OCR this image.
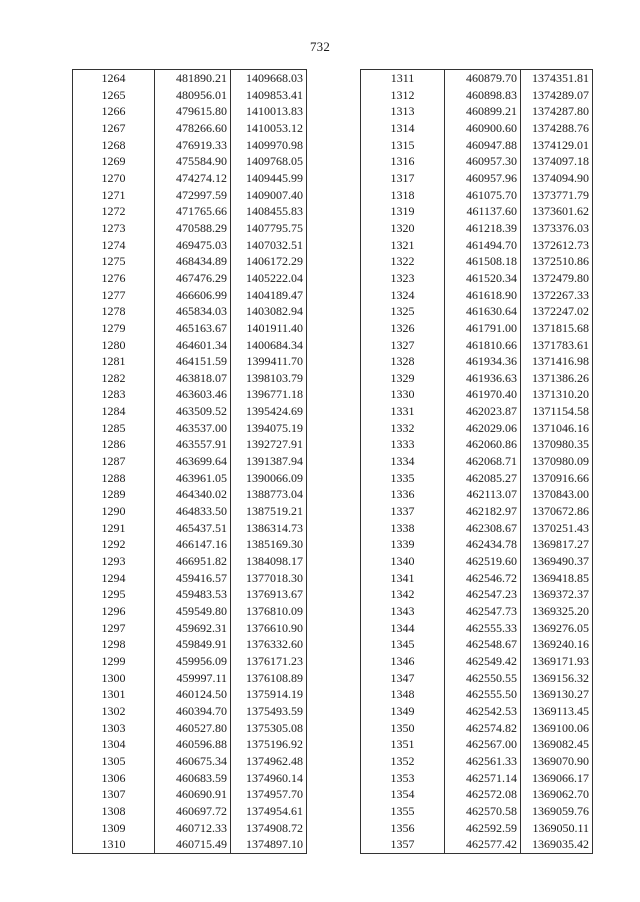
732
1264	481890.21	1409668.03
1265	480956.01	1409853.41
1266	479615.80	1410013.83
1267	478266.60	1410053.12
1268	476919.33	1409970.98
1269	475584.90	1409768.05
1270	474274.12	1409445.99
1271	472997.59	1409007.40
1272	471765.66	1408455.83
1273	470588.29	1407795.75
1274	469475.03	1407032.51
1275	468434.89	1406172.29
1276	467476.29	1405222.04
1277	466606.99	1404189.47
1278	465834.03	1403082.94
1279	465163.67	1401911.40
1280	464601.34	1400684.34
1281	464151.59	1399411.70
1282	463818.07	1398103.79
1283	463603.46	1396771.18
1284	463509.52	1395424.69
1285	463537.00	1394075.19
1286	463557.91	1392727.91
1287	463699.64	1391387.94
1288	463961.05	1390066.09
1289	464340.02	1388773.04
1290	464833.50	1387519.21
1291	465437.51	1386314.73
1292	466147.16	1385169.30
1293	466951.82	1384098.17
1294	459416.57	1377018.30
1295	459483.53	1376913.67
1296	459549.80	1376810.09
1297	459692.31	1376610.90
1298	459849.91	1376332.60
1299	459956.09	1376171.23
1300	459997.11	1376108.89
1301	460124.50	1375914.19
1302	460394.70	1375493.59
1303	460527.80	1375305.08
1304	460596.88	1375196.92
1305	460675.34	1374962.48
1306	460683.59	1374960.14
1307	460690.91	1374957.70
1308	460697.72	1374954.61
1309	460712.33	1374908.72
1310	460715.49	1374897.10
1311	460879.70	1374351.81
1312	460898.83	1374289.07
1313	460899.21	1374287.80
1314	460900.60	1374288.76
1315	460947.88	1374129.01
1316	460957.30	1374097.18
1317	460957.96	1374094.90
1318	461075.70	1373771.79
1319	461137.60	1373601.62
1320	461218.39	1373376.03
1321	461494.70	1372612.73
1322	461508.18	1372510.86
1323	461520.34	1372479.80
1324	461618.90	1372267.33
1325	461630.64	1372247.02
1326	461791.00	1371815.68
1327	461810.66	1371783.61
1328	461934.36	1371416.98
1329	461936.63	1371386.26
1330	461970.40	1371310.20
1331	462023.87	1371154.58
1332	462029.06	1371046.16
1333	462060.86	1370980.35
1334	462068.71	1370980.09
1335	462085.27	1370916.66
1336	462113.07	1370843.00
1337	462182.97	1370672.86
1338	462308.67	1370251.43
1339	462434.78	1369817.27
1340	462519.60	1369490.37
1341	462546.72	1369418.85
1342	462547.23	1369372.37
1343	462547.73	1369325.20
1344	462555.33	1369276.05
1345	462548.67	1369240.16
1346	462549.42	1369171.93
1347	462550.55	1369156.32
1348	462555.50	1369130.27
1349	462542.53	1369113.45
1350	462574.82	1369100.06
1351	462567.00	1369082.45
1352	462561.33	1369070.90
1353	462571.14	1369066.17
1354	462572.08	1369062.70
1355	462570.58	1369059.76
1356	462592.59	1369050.11
1357	462577.42	1369035.42
